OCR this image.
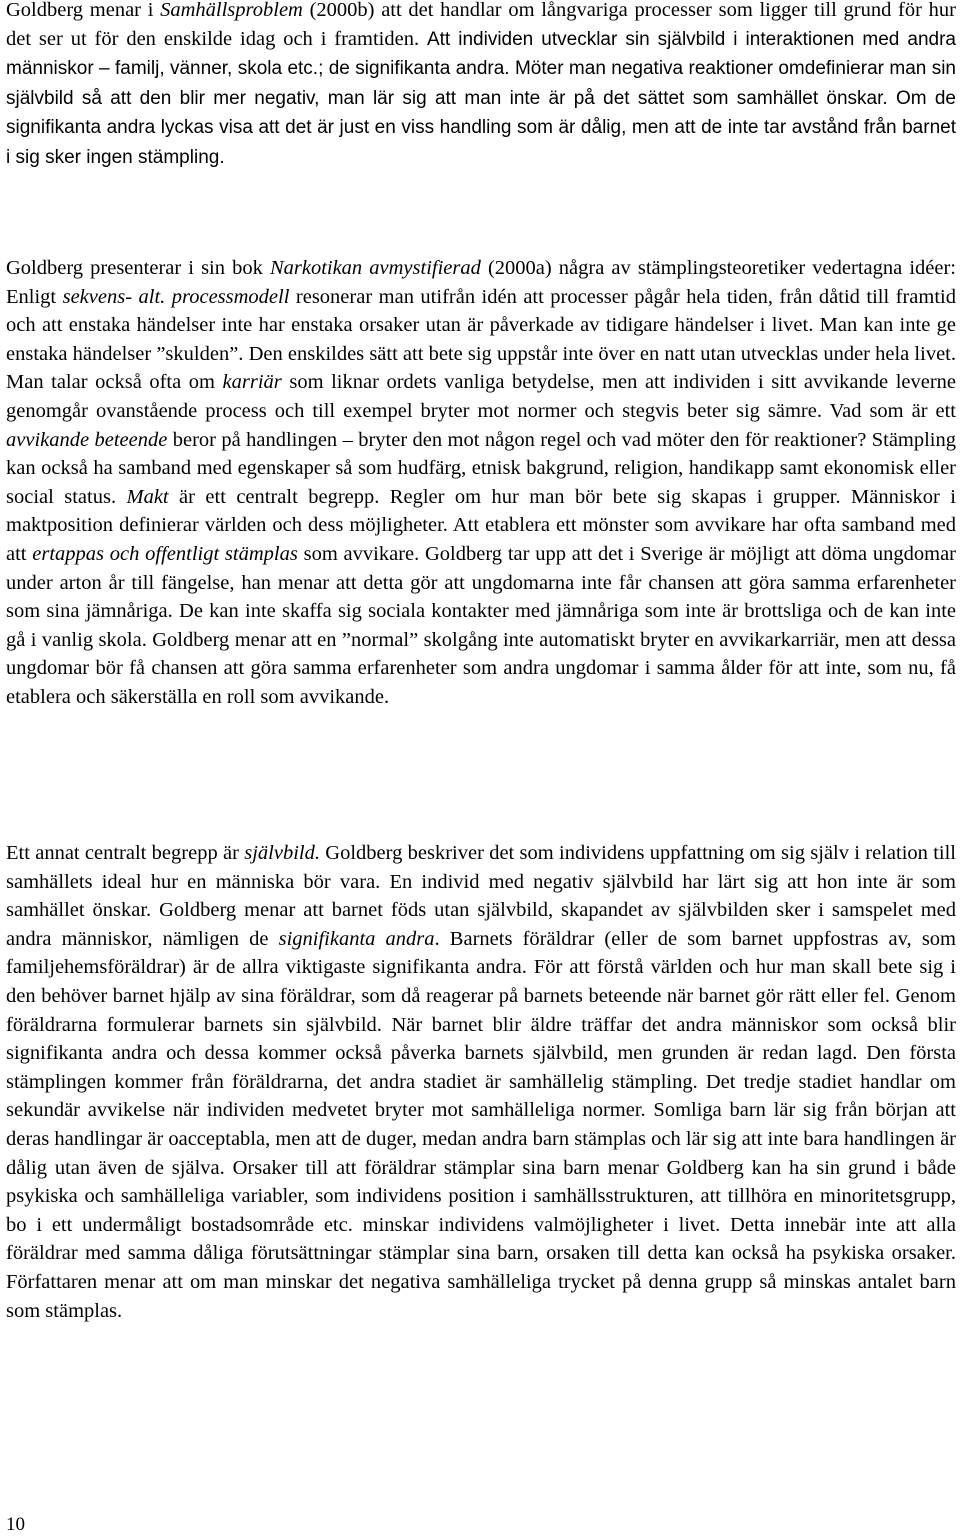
Goldberg menar i Samhällsproblem (2000b) att det handlar om långvariga processer som ligger till grund för hur det ser ut för den enskilde idag och i framtiden. Att individen utvecklar sin självbild i interaktionen med andra människor – familj, vänner, skola etc.; de signifikanta andra. Möter man negativa reaktioner omdefinierar man sin självbild så att den blir mer negativ, man lär sig att man inte är på det sättet som samhället önskar. Om de signifikanta andra lyckas visa att det är just en viss handling som är dålig, men att de inte tar avstånd från barnet i sig sker ingen stämpling.

Goldberg presenterar i sin bok Narkotikan avmystifierad (2000a) några av stämplingsteoretiker vedertagna idéer: Enligt sekvens- alt. processmodell resonerar man utifrån idén att processer pågår hela tiden, från dåtid till framtid och att enstaka händelser inte har enstaka orsaker utan är påverkade av tidigare händelser i livet. Man kan inte ge enstaka händelser ”skulden”. Den enskildes sätt att bete sig uppstår inte över en natt utan utvecklas under hela livet. Man talar också ofta om karriär som liknar ordets vanliga betydelse, men att individen i sitt avvikande leverne genomgår ovanstående process och till exempel bryter mot normer och stegvis beter sig sämre. Vad som är ett avvikande beteende beror på handlingen – bryter den mot någon regel och vad möter den för reaktioner? Stämpling kan också ha samband med egenskaper så som hudfärg, etnisk bakgrund, religion, handikapp samt ekonomisk eller social status. Makt är ett centralt begrepp. Regler om hur man bör bete sig skapas i grupper. Människor i maktposition definierar världen och dess möjligheter. Att etablera ett mönster som avvikare har ofta samband med att ertappas och offentligt stämplas som avvikare. Goldberg tar upp att det i Sverige är möjligt att döma ungdomar under arton år till fängelse, han menar att detta gör att ungdomarna inte får chansen att göra samma erfarenheter som sina jämnåriga. De kan inte skaffa sig sociala kontakter med jämnåriga som inte är brottsliga och de kan inte gå i vanlig skola. Goldberg menar att en ”normal” skolgång inte automatiskt bryter en avvikarkarriär, men att dessa ungdomar bör få chansen att göra samma erfarenheter som andra ungdomar i samma ålder för att inte, som nu, få etablera och säkerställa en roll som avvikande.

Ett annat centralt begrepp är självbild. Goldberg beskriver det som individens uppfattning om sig själv i relation till samhällets ideal hur en människa bör vara. En individ med negativ självbild har lärt sig att hon inte är som samhället önskar. Goldberg menar att barnet föds utan självbild, skapandet av självbilden sker i samspelet med andra människor, nämligen de signifikanta andra. Barnets föräldrar (eller de som barnet uppfostras av, som familjehemsföräldrar) är de allra viktigaste signifikanta andra. För att förstå världen och hur man skall bete sig i den behöver barnet hjälp av sina föräldrar, som då reagerar på barnets beteende när barnet gör rätt eller fel. Genom föräldrarna formulerar barnets sin självbild. När barnet blir äldre träffar det andra människor som också blir signifikanta andra och dessa kommer också påverka barnets självbild, men grunden är redan lagd. Den första stämplingen kommer från föräldrarna, det andra stadiet är samhällelig stämpling. Det tredje stadiet handlar om sekundär avvikelse när individen medvetet bryter mot samhälleliga normer. Somliga barn lär sig från början att deras handlingar är oacceptabla, men att de duger, medan andra barn stämplas och lär sig att inte bara handlingen är dålig utan även de själva. Orsaker till att föräldrar stämplar sina barn menar Goldberg kan ha sin grund i både psykiska och samhälleliga variabler, som individens position i samhällsstrukturen, att tillhöra en minoritetsgrupp, bo i ett undermåligt bostadsområde etc. minskar individens valmöjligheter i livet. Detta innebär inte att alla föräldrar med samma dåliga förutsättningar stämplar sina barn, orsaken till detta kan också ha psykiska orsaker. Författaren menar att om man minskar det negativa samhälleliga trycket på denna grupp så minskas antalet barn som stämplas.

10
